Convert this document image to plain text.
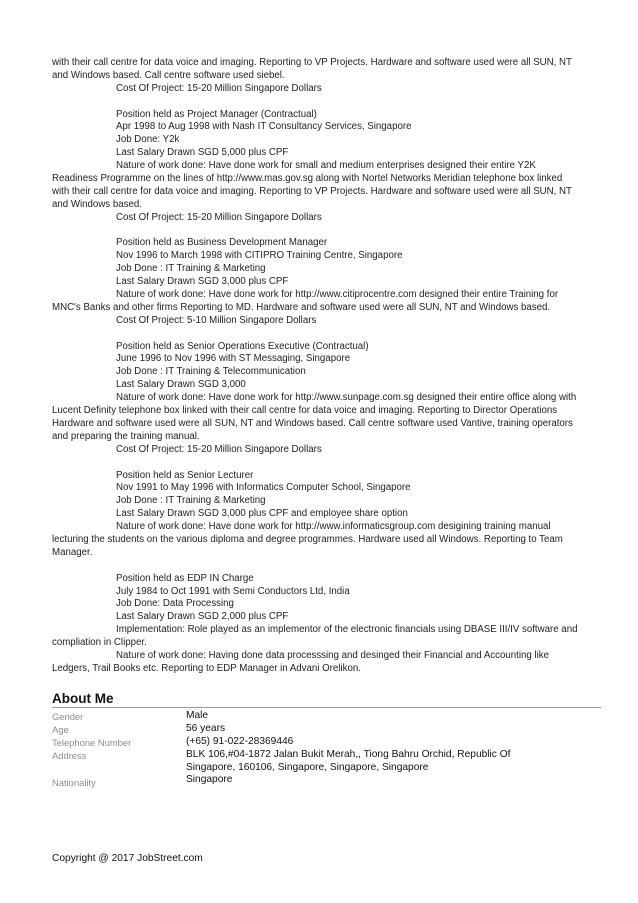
with their call centre for data voice and imaging. Reporting to VP Projects. Hardware and software used were all SUN, NT
and Windows based. Call centre software used siebel.
Cost Of Project: 15-20 Million Singapore Dollars
Position held as Project Manager (Contractual)
Apr 1998 to Aug 1998 with Nash IT Consultancy Services, Singapore
Job Done: Y2k
Last Salary Drawn SGD 5,000 plus CPF
Nature of work done: Have done work for small and medium enterprises designed their entire Y2K
Readiness Programme on the lines of http://www.mas.gov.sg along with Nortel Networks Meridian telephone box linked
with their call centre for data voice and imaging. Reporting to VP Projects. Hardware and software used were all SUN, NT
and Windows based.
Cost Of Project: 15-20 Million Singapore Dollars
Position held as Business Development Manager
Nov 1996 to March 1998 with CITIPRO Training Centre, Singapore
Job Done : IT Training & Marketing
Last Salary Drawn SGD 3,000 plus CPF
Nature of work done: Have done work for http://www.citiprocentre.com designed their entire Training for
MNC's Banks and other firms Reporting to MD. Hardware and software used were all SUN, NT and Windows based.
Cost Of Project: 5-10 Million Singapore Dollars
Position held as Senior Operations Executive (Contractual)
June 1996 to Nov 1996 with ST Messaging, Singapore
Job Done : IT Training & Telecommunication
Last Salary Drawn SGD 3,000
Nature of work done: Have done work for http://www.sunpage.com.sg designed their entire office along with
Lucent Definity telephone box linked with their call centre for data voice and imaging. Reporting to Director Operations
Hardware and software used were all SUN, NT and Windows based. Call centre software used Vantive, training operators
and preparing the training manual.
Cost Of Project: 15-20 Million Singapore Dollars
Position held as Senior Lecturer
Nov 1991 to May 1996 with Informatics Computer School, Singapore
Job Done : IT Training & Marketing
Last Salary Drawn SGD 3,000 plus CPF and employee share option
Nature of work done: Have done work for http://www.informaticsgroup.com desigining training manual
lecturing the students on the various diploma and degree programmes. Hardware used all Windows. Reporting to Team
Manager.
Position held as EDP IN Charge
July 1984 to Oct 1991 with Semi Conductors Ltd, India
Job Done: Data Processing
Last Salary Drawn SGD 2,000 plus CPF
Implementation: Role played as an implementor of the electronic financials using DBASE III/IV software and
compliation in Clipper.
Nature of work done: Having done data processsing and desinged their Financial and Accounting like
Ledgers, Trail Books etc. Reporting to EDP Manager in Advani Orelikon.
About Me
Gender	Male
Age	56 years
Telephone Number	(+65) 91-022-28369446
Address	BLK 106,#04-1872 Jalan Bukit Merah,, Tiong Bahru Orchid, Republic Of
Singapore, 160106, Singapore, Singapore, Singapore
Nationality	Singapore
Copyright @ 2017 JobStreet.com
